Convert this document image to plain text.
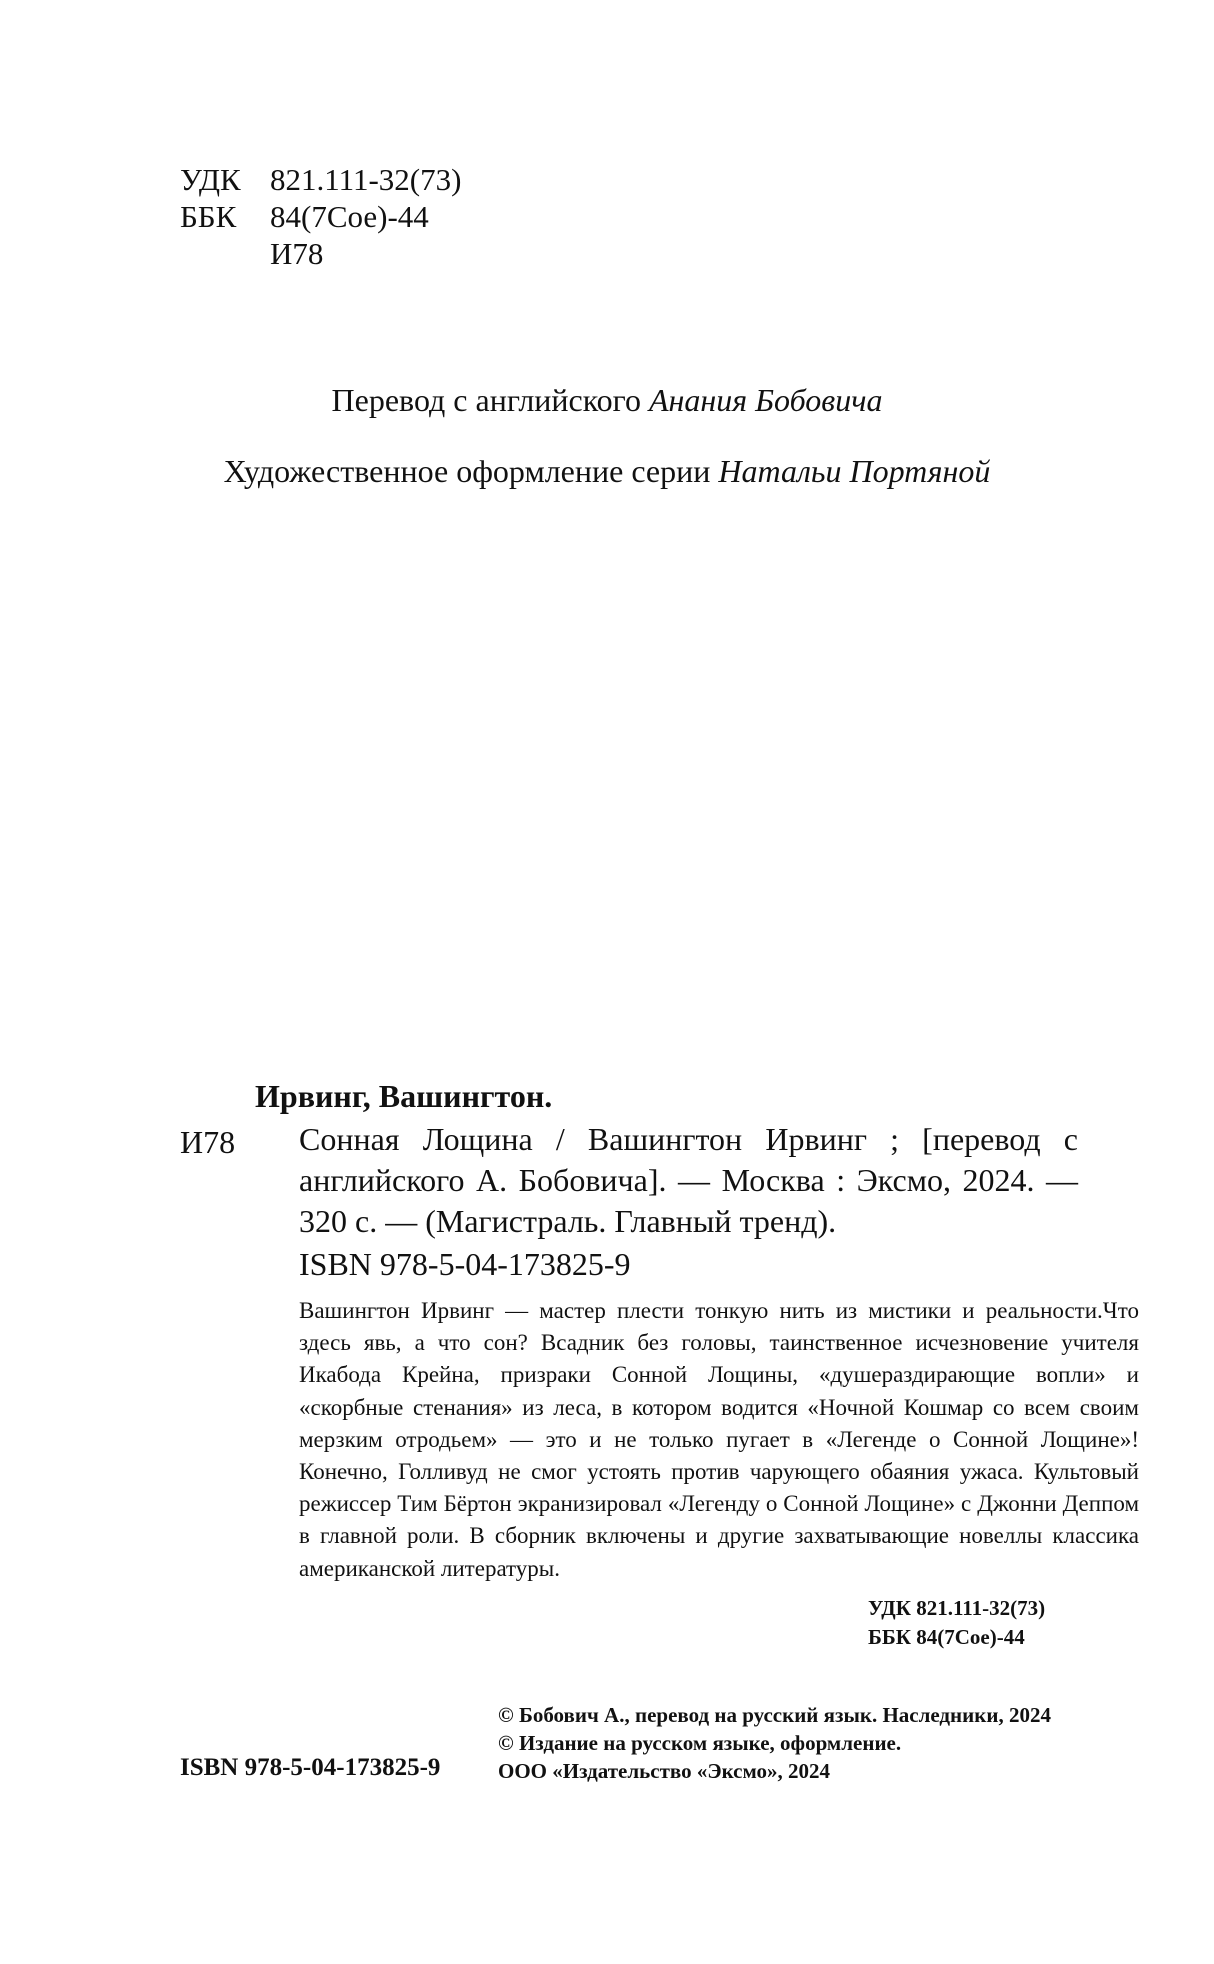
УДК 821.111-32(73)
ББК 84(7Сое)-44
И78
Перевод с английского Анания Бобовича
Художественное оформление серии Натальи Портяной
Ирвинг, Вашингтон.
И78 Сонная Лощина / Вашингтон Ирвинг ; [перевод с английского А. Бобовича]. — Москва : Эксмо, 2024. — 320 с. — (Магистраль. Главный тренд).
ISBN 978-5-04-173825-9
Вашингтон Ирвинг — мастер плести тонкую нить из мистики и реальности.Что здесь явь, а что сон? Всадник без головы, таинственное исчезновение учителя Икабода Крейна, призраки Сонной Лощины, «душераздирающие вопли» и «скорбные стенания» из леса, в котором водится «Ночной Кошмар со всем своим мерзким отродьем» — это и не только пугает в «Легенде о Сонной Лощине»! Конечно, Голливуд не смог устоять против чарующего обаяния ужаса. Культовый режиссер Тим Бёртон экранизировал «Легенду о Сонной Лощине» с Джонни Деппом в главной роли. В сборник включены и другие захватывающие новеллы классика американской литературы.
УДК 821.111-32(73)
ББК 84(7Сое)-44
© Бобович А., перевод на русский язык. Наследники, 2024
© Издание на русском языке, оформление.
ISBN 978-5-04-173825-9	ООО «Издательство «Эксмо», 2024
